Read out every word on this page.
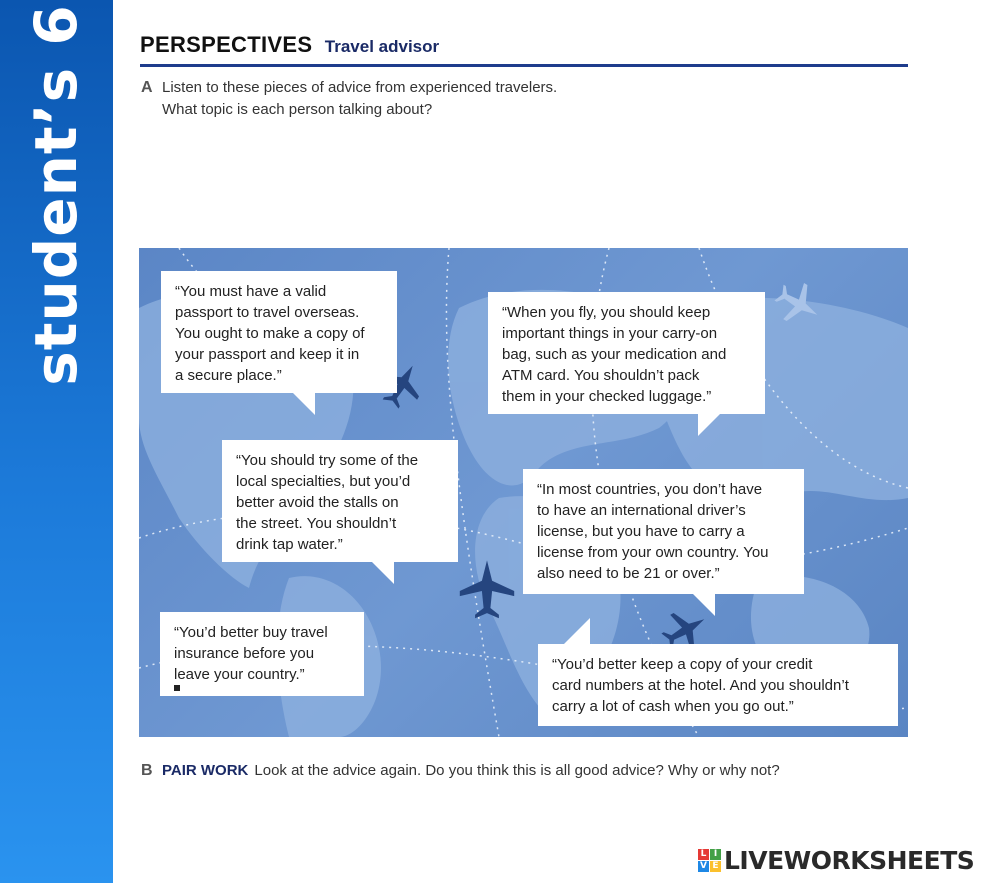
student’s 6 PERSPECTIVES Travel advisor
A Listen to these pieces of advice from experienced travelers.
What topic is each person talking about?
“You must have a valid
passport to travel overseas.
You ought to make a copy of
your passport and keep it in
a secure place.”
“When you fly, you should keep
important things in your carry-on
bag, such as your medication and
ATM card. You shouldn’t pack
them in your checked luggage.”
“You should try some of the
local specialties, but you’d
better avoid the stalls on
the street. You shouldn’t
drink tap water.”
“In most countries, you don’t have
to have an international driver’s
license, but you have to carry a
license from your own country. You
also need to be 21 or over.”
“You’d better buy travel
insurance before you
leave your country.”
“You’d better keep a copy of your credit
card numbers at the hotel. And you shouldn’t
carry a lot of cash when you go out.”
B PAIR WORK Look at the advice again. Do you think this is all good advice? Why or why not?
L I
V E LIVEWORKSHEETS
